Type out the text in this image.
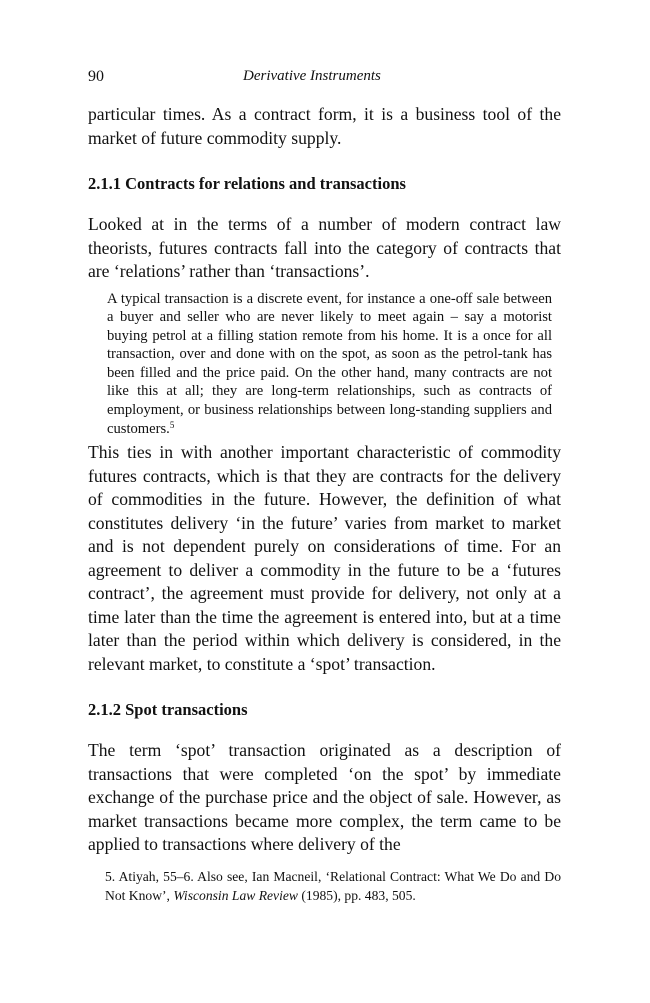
90	Derivative Instruments

particular times. As a contract form, it is a business tool of the market of future commodity supply.

2.1.1 Contracts for relations and transactions

Looked at in the terms of a number of modern contract law theorists, futures contracts fall into the category of contracts that are ‘relations’ rather than ‘transactions’.

A typical transaction is a discrete event, for instance a one-off sale between a buyer and seller who are never likely to meet again – say a motorist buying petrol at a filling station remote from his home. It is a once for all transaction, over and done with on the spot, as soon as the petrol-tank has been filled and the price paid. On the other hand, many contracts are not like this at all; they are long-term relationships, such as contracts of employment, or business relationships between long-standing suppliers and customers.$^5$

This ties in with another important characteristic of commodity futures contracts, which is that they are contracts for the delivery of commodities in the future. However, the definition of what constitutes delivery ‘in the future’ varies from market to market and is not dependent purely on considerations of time. For an agreement to deliver a commodity in the future to be a ‘futures contract’, the agreement must provide for delivery, not only at a time later than the time the agreement is entered into, but at a time later than the period within which delivery is considered, in the relevant market, to constitute a ‘spot’ transaction.

2.1.2 Spot transactions

The term ‘spot’ transaction originated as a description of transactions that were completed ‘on the spot’ by immediate exchange of the purchase price and the object of sale. However, as market transactions became more complex, the term came to be applied to transactions where delivery of the

5. Atiyah, 55–6. Also see, Ian Macneil, ‘Relational Contract: What We Do and Do Not Know’, Wisconsin Law Review (1985), pp. 483, 505.
